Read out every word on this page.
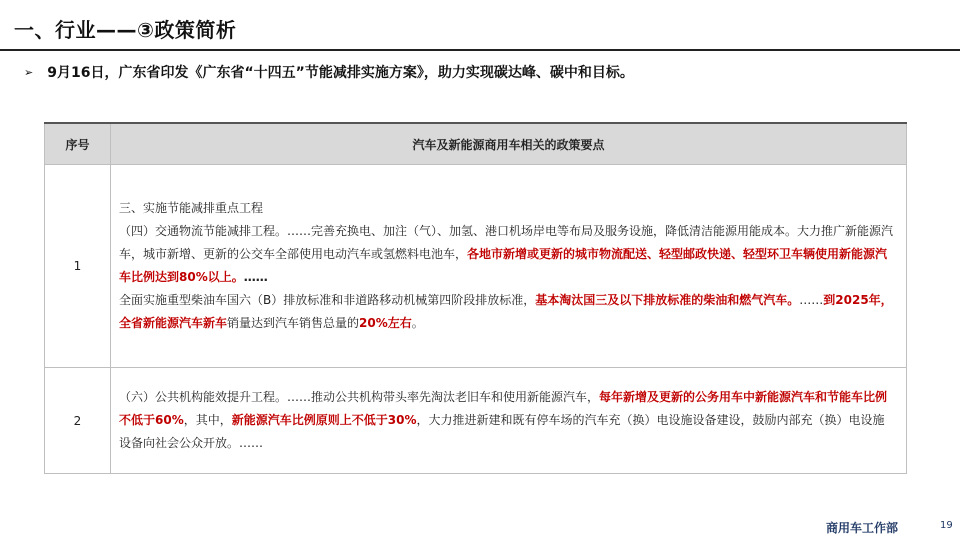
一、行业——③政策简析
➢ 9月16日，广东省印发《广东省“十四五”节能减排实施方案》，助力实现碳达峰、碳中和目标。
序号	汽车及新能源商用车相关的政策要点
1	三、实施节能减排重点工程
（四）交通物流节能减排工程。……完善充换电、加注（气）、加氢、港口机场岸电等布局及服务设施，降低清洁能源用能成本。大力推广新能源汽车，城市新增、更新的公交车全部使用电动汽车或氢燃料电池车，各地市新增或更新的城市物流配送、轻型邮政快递、轻型环卫车辆使用新能源汽车比例达到80%以上。……
全面实施重型柴油车国六（B）排放标准和非道路移动机械第四阶段排放标准，基本淘汰国三及以下排放标准的柴油和燃气汽车。……到2025年，全省新能源汽车新车销量达到汽车销售总量的20%左右。
2	（六）公共机构能效提升工程。……推动公共机构带头率先淘汰老旧车和使用新能源汽车，每年新增及更新的公务用车中新能源汽车和节能车比例不低于60%，其中，新能源汽车比例原则上不低于30%，大力推进新建和既有停车场的汽车充（换）电设施设备建设，鼓励内部充（换）电设施设备向社会公众开放。……
商用车工作部	19
